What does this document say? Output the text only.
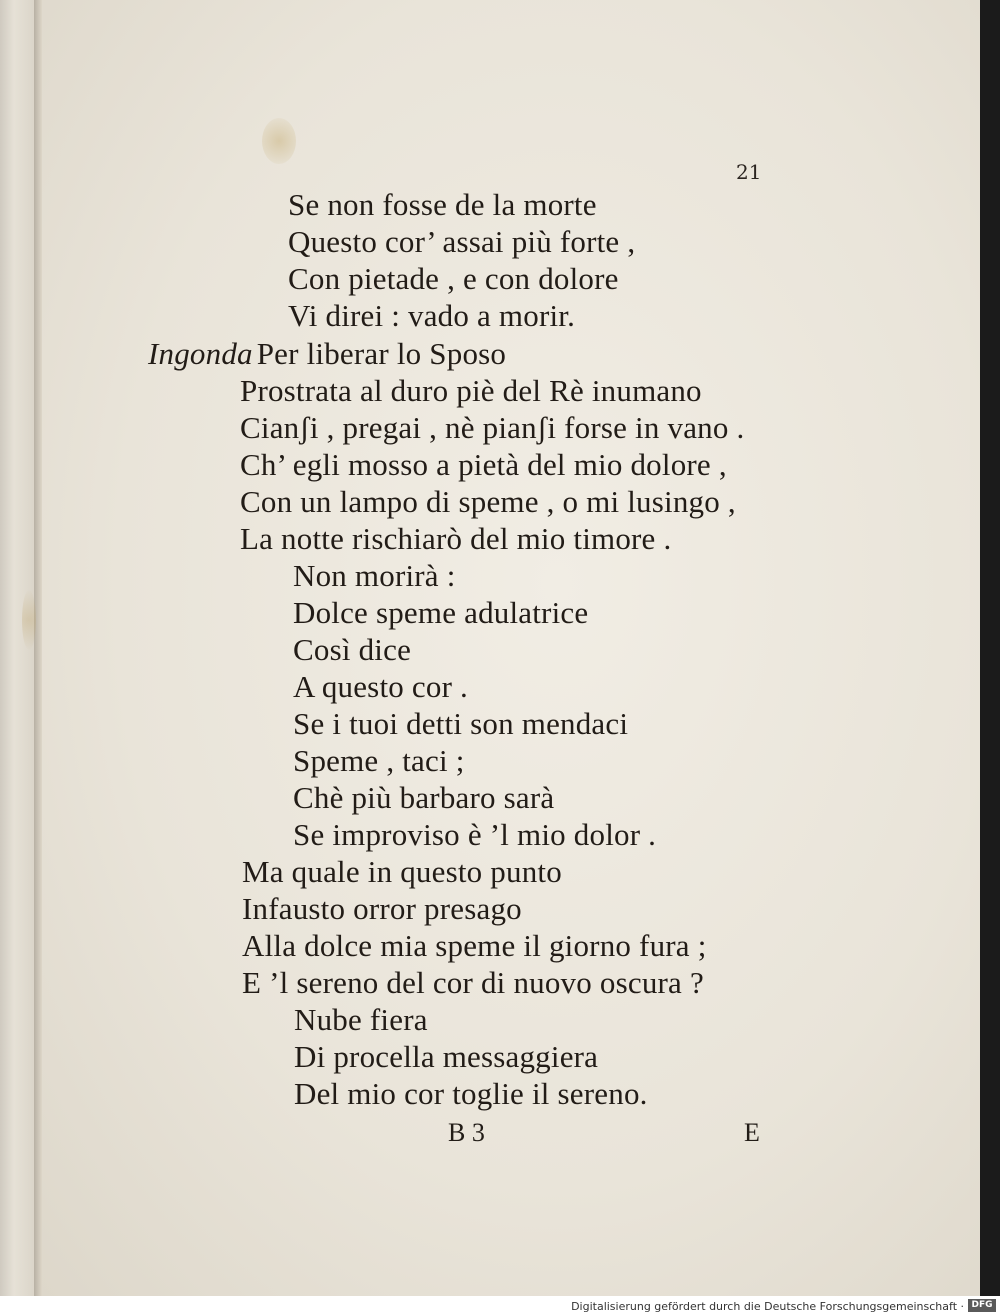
21
Se non fosse de la morte
Questo cor’ assai più forte ,
Con pietade , e con dolore
Vi direi : vado a morir.
Ingonda Per liberar lo Sposo
Prostrata al duro piè del Rè inumano
Cianʃi , pregai , nè pianʃi forse in vano .
Ch’ egli mosso a pietà del mio dolore ,
Con un lampo di speme , o mi lusingo ,
La notte rischiarò del mio timore .
Non morirà :
Dolce speme adulatrice
Così dice
A questo cor .
Se i tuoi detti son mendaci
Speme , taci ;
Chè più barbaro sarà
Se improviso è ’l mio dolor .
Ma quale in questo punto
Infausto orror presago
Alla dolce mia speme il giorno fura ;
E ’l sereno del cor di nuovo oscura ?
Nube fiera
Di procella messaggiera
Del mio cor toglie il sereno.
B 3	E
Digitalisierung gefördert durch die Deutsche Forschungsgemeinschaft · DFG
